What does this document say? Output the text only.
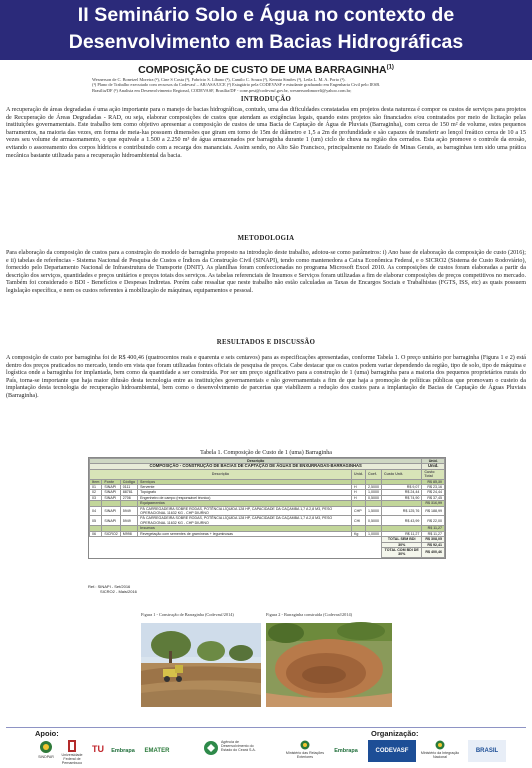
II Seminário Solo e Água no contexto de
Desenvolvimento em Bacias Hidrográficas
COMPOSIÇÃO DE CUSTO DE UMA BARRAGINHA$^{(1)}$
Wesnerson de C. Bonetzel Moreira (²), Cine S Costa (³), Fabrício S. Líbano (³), Camilo C. Souza (³), Kennia Simões (³), Leila L. M. A. Porto (³).
(¹) Plano de Trabalho executado com recursos da Codevasf – AR/ASA/UCE (²) Estagiário pela CODEVASF e estudante graduando em Engenharia Civil pelo IESB.
Brasília/DF (³) Analista em Desenvolvimento Regional, CODEVASF, Brasília/DF - cone.pest@codevasf.gov.br, wesnersonbmoreli@yahoo.com.br;
INTRODUÇÃO
A recuperação de áreas degradadas é uma ação importante para o manejo de bacias hidrográficas, contudo, uma das dificuldades constatadas em projetos desta natureza é compor os custos de serviços para projetos de Recuperação de Áreas Degradadas - RAD, ou seja, elaborar composições de custos que atendam as exigências legais, quando estes projetos são financiados e/ou contratados por meio de licitação pelas instituições governamentais. Este trabalho tem como objetivo apresentar a composição de custos de uma Bacia de Captação de Água de Pluviais (Barraginha), com cerca de 150 m² de volume, estes pequenos barramentos, na maioria das vezes, em forma de meia-lua possuem dimensões que giram em torno de 15m de diâmetro e 1,5 a 2m de profundidade e são capazes de transferir ao lençol freático cerca de 10 a 15 vezes seu volume de armazenamento, o que equivale a 1.500 a 2.250 m³ de água armazenados por barraginha durante 1 (um) ciclo de chuva na região dos cerrados. Esta ação promove o controle da erosão, evitando o assoreamento dos corpos hídricos e contribuindo com a recarga dos mananciais. Assim sendo, no Alto São Francisco, principalmente no Estado de Minas Gerais, as barraginhas tem sido uma prática mecânica bastante utilizada para a recuperação hidroambiental da bacia.
METODOLOGIA
Para elaboração da composição de custos para a construção do modelo de barraginha proposto na introdução deste trabalho, adotou-se como parâmetros: i) Ano base de elaboração da composição de custo (2016); e ii) tabelas de referências - Sistema Nacional de Pesquisa de Custos e Índices da Construção Civil (SINAPI), tendo como mantenedora a Caixa Econômica Federal, e o SICRO2 (Sistema de Custo Rodoviário), fornecido pelo Departamento Nacional de Infraestrutura de Transporte (DNIT). As planilhas foram confeccionadas no programa Microsoft Excel 2010. As composições de custos foram elaboradas a partir da descrição dos serviços, quantidades e preços unitários e preços totais dos serviços. As tabelas referenciais de Insumos e Serviços foram utilizadas a fim de elaborar composições de preços competitivos no mercado. Também foi considerado o BDI - Benefícios e Despesas Indiretas. Porém cabe ressaltar que neste trabalho não estão calculadas as Taxas de Encargos Sociais e Trabalhistas (FGTS, ISS, etc) as quais possuem legislação específica, e nem os custos referentes à mobilização de máquinas, equipamentos e pessoal.
RESULTADOS E DISCUSSÃO
A composição de custo por barraginha foi de R$ 400,46 (quatrocentos reais e quarenta e seis centavos) para as especificações apresentadas, conforme Tabela 1. O preço unitário por barraginha (Figura 1 e 2) está dentro dos preços praticados no mercado, tendo em vista que foram utilizadas fontes oficiais de pesquisa de preços. Cabe destacar que os custos podem variar dependendo da região, tipo de solo, tipo de máquina e logística onde a barraginha for implantada, bem como da quantidade a ser construída. Por ser um preço significativo para a construção de 1 (uma) barraginha para a maioria dos pequenos proprietários rurais do País, torna-se importante que haja maior difusão desta tecnologia entre as instituições governamentais e não governamentais a fim de que haja a promoção de políticas públicas que promovam o custeio da implantação desta tecnologia de recuperação hidroambiental, bem como o desenvolvimento de parcerias que viabilizem a redução dos custos para a implantação de Bacias de Captação de Águas Pluviais (Barraginha).
Tabela 1. Composição de Custo de 1 (uma) Barraginha
Descrição							Unid.
COMPOSIÇÃO - CONSTRUÇÃO DE BACIAS DE CAPTAÇÃO DE ÁGUAS DE ENXURRADAS-BARRAGINHAS							Unid.
Descrição				Unid.	Coef.	Custo Unit.	Custo Total
Item	Fonte	Código	Serviços				R$ 85,30
01	SINAPI	0111	Servente	H	2,5000	R$ 9,07	R$ 23,16
02	SINAPI	88781	Topógrafo	H	1,0000	R$ 24,44	R$ 24,44
03	SINAPI	2706	Engenheiro de campo (responsável técnico)	H	0,5000	R$ 74,90	R$ 37,45
			Equipamentos				R$ 316,99
04	SINAPI	5949	PÁ CARREGADEIRA SOBRE RODAS, POTÊNCIA LÍQUIDA 128 HP, CAPACIDADE DA CAÇAMBA 1,7 A 2,8 M3, PESO OPERACIONAL 11632 KG - CHP DIURNO	CHP	1,5000	R$ 125,76	R$ 188,99
05	SINAPI	5949	PÁ CARREGADEIRA SOBRE RODAS, POTÊNCIA LÍQUIDA 128 HP, CAPACIDADE DA CAÇAMBA 1,7 A 2,8 M3, PESO OPERACIONAL 11632 KG - CHP DIURNO	CHI	0,5000	R$ 43,99	R$ 22,00
			Insumos				R$ 11,27
06	SICRO2	M998	Revegetação com sementes de gramíneas + leguminosas	Kg	1,0000	R$ 11,27	R$ 11,27
						TOTAL SEM BDI	R$ 308,05
						30%	R$ 92,41
						TOTAL COM BDI DE 30%	R$ 400,46
Ref.: SINAPI - Set/2016
SICRO2 - Mais/2016
Figura 1 - Construção de Barraginha (Codevasf/2014)	Figura 2 - Barraginha construída (Codevasf/2014)
Apoio:	Organização:
SINDPAR	Universidade Federal de Pernambuco
TU	Embrapa	EMATER
Agência de Desenvolvimento do Estado do Ceará S.A.
Ministério das Relações Exteriores
Embrapa	CODEVASF	Ministério da Integração Nacional
BRASIL
